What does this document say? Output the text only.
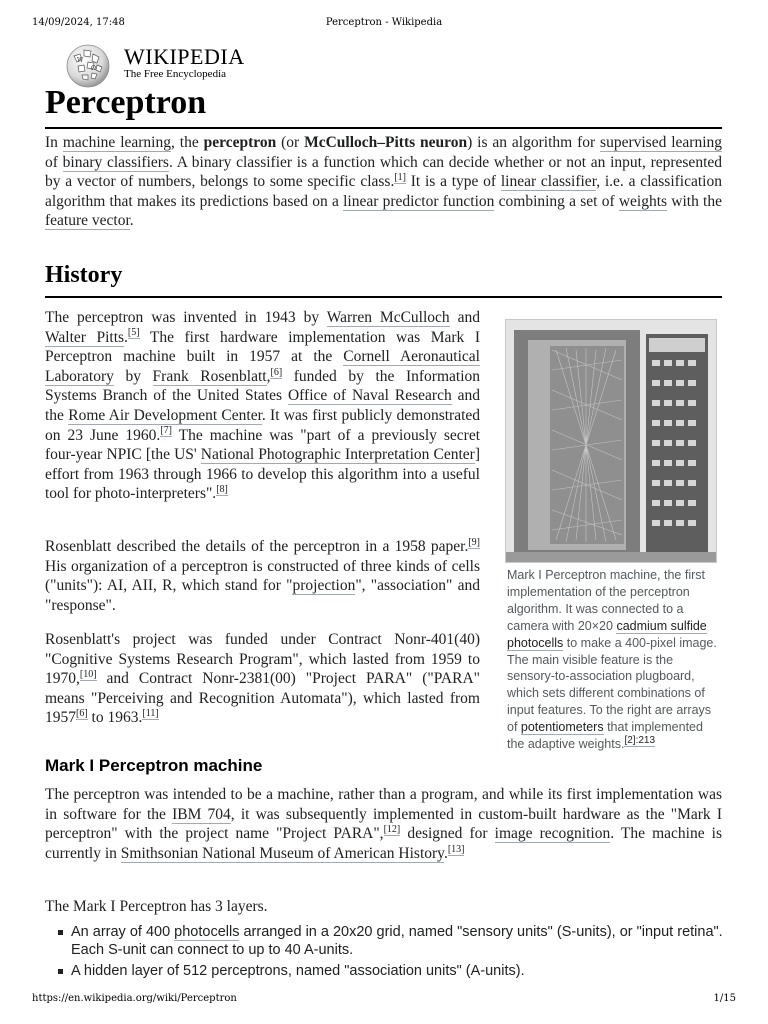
14/09/2024, 17:48	Perceptron - Wikipedia
W
Ω WIKIPEDIA
The Free Encyclopedia
Perceptron
In machine learning, the perceptron (or McCulloch–Pitts neuron) is an algorithm for supervised learning of binary classifiers. A binary classifier is a function which can decide whether or not an input, represented by a vector of numbers, belongs to some specific class.[1] It is a type of linear classifier, i.e. a classification algorithm that makes its predictions based on a linear predictor function combining a set of weights with the feature vector.
History
The perceptron was invented in 1943 by Warren McCulloch and Walter Pitts.[5] The first hardware implementation was Mark I Perceptron machine built in 1957 at the Cornell Aeronautical Laboratory by Frank Rosenblatt,[6] funded by the Information Systems Branch of the United States Office of Naval Research and the Rome Air Development Center. It was first publicly demonstrated on 23 June 1960.[7] The machine was "part of a previously secret four-year NPIC [the US' National Photographic Interpretation Center] effort from 1963 through 1966 to develop this algorithm into a useful tool for photo-interpreters".[8]
Rosenblatt described the details of the perceptron in a 1958 paper.[9] His organization of a perceptron is constructed of three kinds of cells ("units"): AI, AII, R, which stand for "projection", "association" and "response".
Rosenblatt's project was funded under Contract Nonr-401(40) "Cognitive Systems Research Program", which lasted from 1959 to 1970,[10] and Contract Nonr-2381(00) "Project PARA" ("PARA" means "Perceiving and Recognition Automata"), which lasted from 1957[6] to 1963.[11]
Mark I Perceptron machine, the first implementation of the perceptron algorithm. It was connected to a camera with 20×20 cadmium sulfide photocells to make a 400-pixel image. The main visible feature is the sensory-to-association plugboard, which sets different combinations of input features. To the right are arrays of potentiometers that implemented the adaptive weights.$^{[2]:213}$
Mark I Perceptron machine
The perceptron was intended to be a machine, rather than a program, and while its first implementation was in software for the IBM 704, it was subsequently implemented in custom-built hardware as the "Mark I perceptron" with the project name "Project PARA",[12] designed for image recognition. The machine is currently in Smithsonian National Museum of American History.[13]
The Mark I Perceptron has 3 layers.
An array of 400 photocells arranged in a 20x20 grid, named "sensory units" (S-units), or "input retina". Each S-unit can connect to up to 40 A-units.
A hidden layer of 512 perceptrons, named "association units" (A-units).
https://en.wikipedia.org/wiki/Perceptron	1/15
